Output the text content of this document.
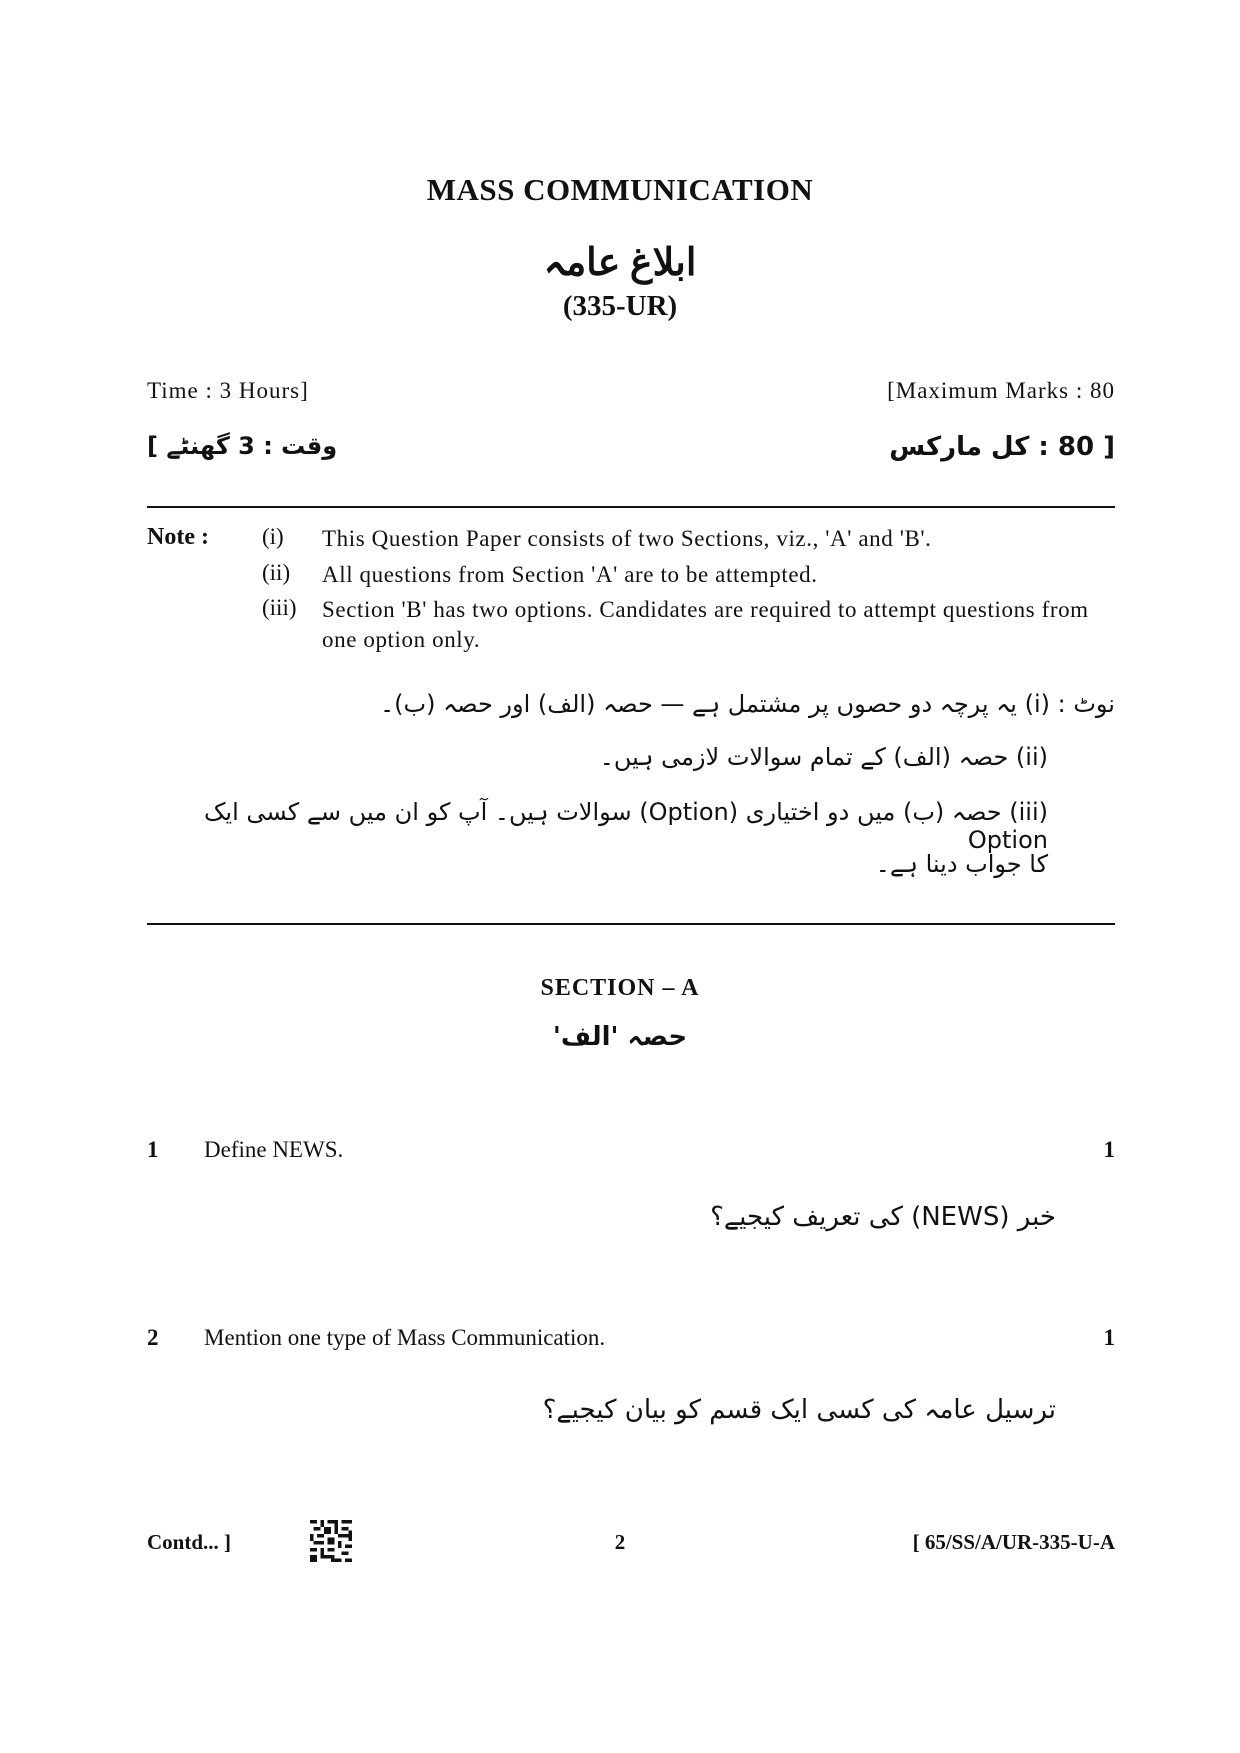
MASS COMMUNICATION
ابلاغ عامہ
(335-UR)
Time : 3 Hours]	[Maximum Marks : 80
وقت : 3 گھنٹے ]	[ 80 : کل مارکس
Note : (i) This Question Paper consists of two Sections, viz., 'A' and 'B'.
(ii) All questions from Section 'A' are to be attempted.
(iii) Section 'B' has two options. Candidates are required to attempt questions from one option only.
نوٹ : (i) یہ پرچہ دو حصوں پر مشتمل ہے — حصہ (الف) اور حصہ (ب)۔
(ii) حصہ (الف) کے تمام سوالات لازمی ہیں۔
(iii) حصہ (ب) میں دو اختیاری (Option) سوالات ہیں۔ آپ کو ان میں سے کسی ایک Option
کا جواب دینا ہے۔
SECTION – A
حصہ 'الف'
1 Define NEWS.	1
خبر (NEWS) کی تعریف کیجیے؟
2 Mention one type of Mass Communication.	1
ترسیل عامہ کی کسی ایک قسم کو بیان کیجیے؟
Contd... ]	2	[ 65/SS/A/UR-335-U-A
